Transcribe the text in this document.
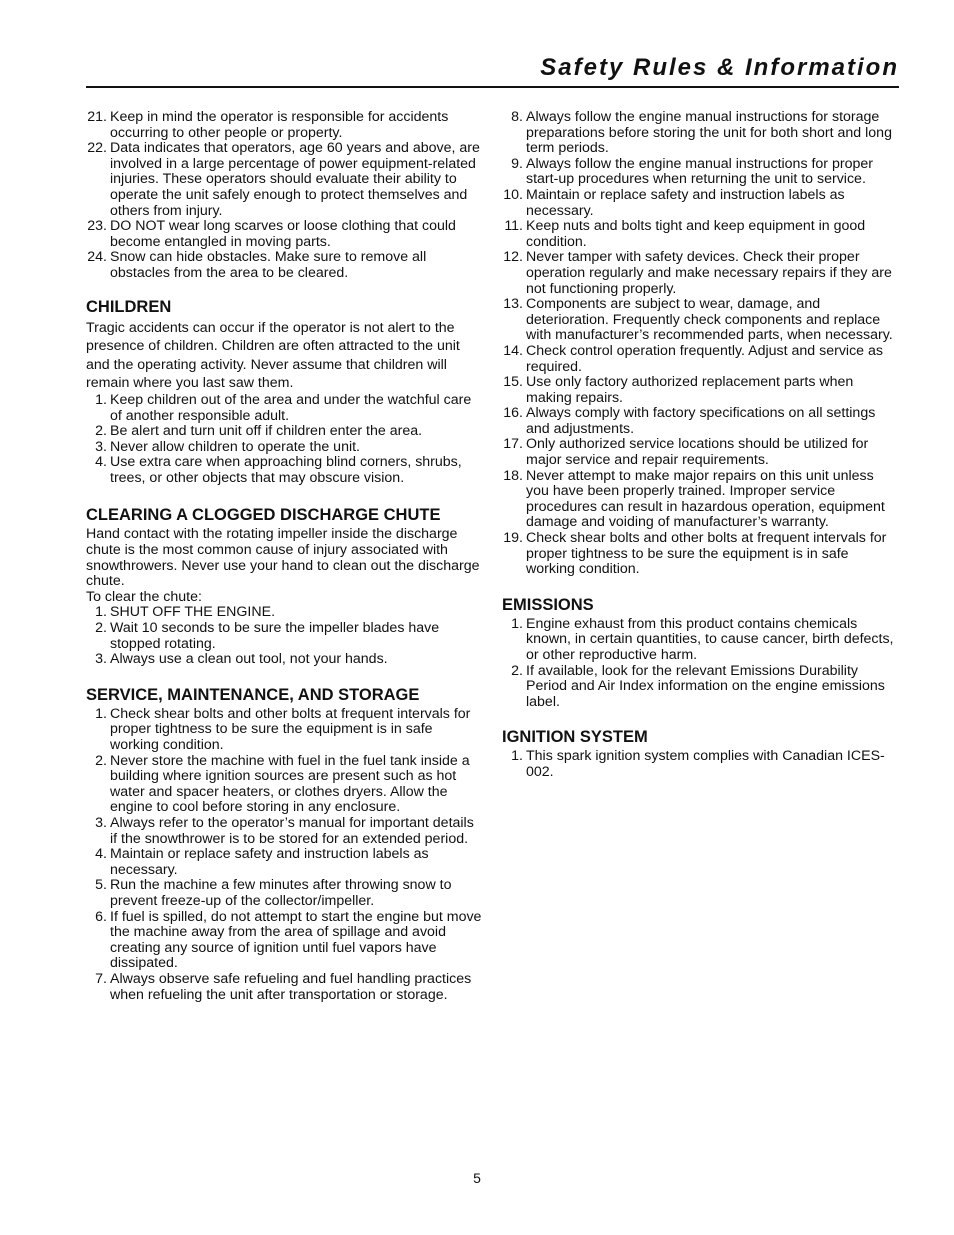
Safety Rules & Information
21. Keep in mind the operator is responsible for accidents occurring to other people or property.
22. Data indicates that operators, age 60 years and above, are involved in a large percentage of power equipment-related injuries. These operators should evaluate their ability to operate the unit safely enough to protect themselves and others from injury.
23. DO NOT wear long scarves or loose clothing that could become entangled in moving parts.
24. Snow can hide obstacles. Make sure to remove all obstacles from the area to be cleared.
CHILDREN

Tragic accidents can occur if the operator is not alert to the presence of children. Children are often attracted to the unit and the operating activity. Never assume that children will remain where you last saw them.

1. Keep children out of the area and under the watchful care of another responsible adult.
2. Be alert and turn unit off if children enter the area.
3. Never allow children to operate the unit.
4. Use extra care when approaching blind corners, shrubs, trees, or other objects that may obscure vision.
CLEARING A CLOGGED DISCHARGE CHUTE

Hand contact with the rotating impeller inside the discharge chute is the most common cause of injury associated with snowthrowers. Never use your hand to clean out the discharge chute.

To clear the chute:

1. SHUT OFF THE ENGINE.
2. Wait 10 seconds to be sure the impeller blades have stopped rotating.
3. Always use a clean out tool, not your hands.
SERVICE, MAINTENANCE, AND STORAGE
1. Check shear bolts and other bolts at frequent intervals for proper tightness to be sure the equipment is in safe working condition.
2. Never store the machine with fuel in the fuel tank inside a building where ignition sources are present such as hot water and spacer heaters, or clothes dryers. Allow the engine to cool before storing in any enclosure.
3. Always refer to the operator’s manual for important details if the snowthrower is to be stored for an extended period.
4. Maintain or replace safety and instruction labels as necessary.
5. Run the machine a few minutes after throwing snow to prevent freeze-up of the collector/impeller.
6. If fuel is spilled, do not attempt to start the engine but move the machine away from the area of spillage and avoid creating any source of ignition until fuel vapors have dissipated.
7. Always observe safe refueling and fuel handling practices when refueling the unit after transportation or storage.
8. Always follow the engine manual instructions for storage preparations before storing the unit for both short and long term periods.
9. Always follow the engine manual instructions for proper start-up procedures when returning the unit to service.
10. Maintain or replace safety and instruction labels as necessary.
11. Keep nuts and bolts tight and keep equipment in good condition.
12. Never tamper with safety devices. Check their proper operation regularly and make necessary repairs if they are not functioning properly.
13. Components are subject to wear, damage, and deterioration. Frequently check components and replace with manufacturer’s recommended parts, when necessary.
14. Check control operation frequently. Adjust and service as required.
15. Use only factory authorized replacement parts when making repairs.
16. Always comply with factory specifications on all settings and adjustments.
17. Only authorized service locations should be utilized for major service and repair requirements.
18. Never attempt to make major repairs on this unit unless you have been properly trained. Improper service procedures can result in hazardous operation, equipment damage and voiding of manufacturer’s warranty.
19. Check shear bolts and other bolts at frequent intervals for proper tightness to be sure the equipment is in safe working condition.
EMISSIONS
1. Engine exhaust from this product contains chemicals known, in certain quantities, to cause cancer, birth defects, or other reproductive harm.
2. If available, look for the relevant Emissions Durability Period and Air Index information on the engine emissions label.
IGNITION SYSTEM
1. This spark ignition system complies with Canadian ICES-002.
5
